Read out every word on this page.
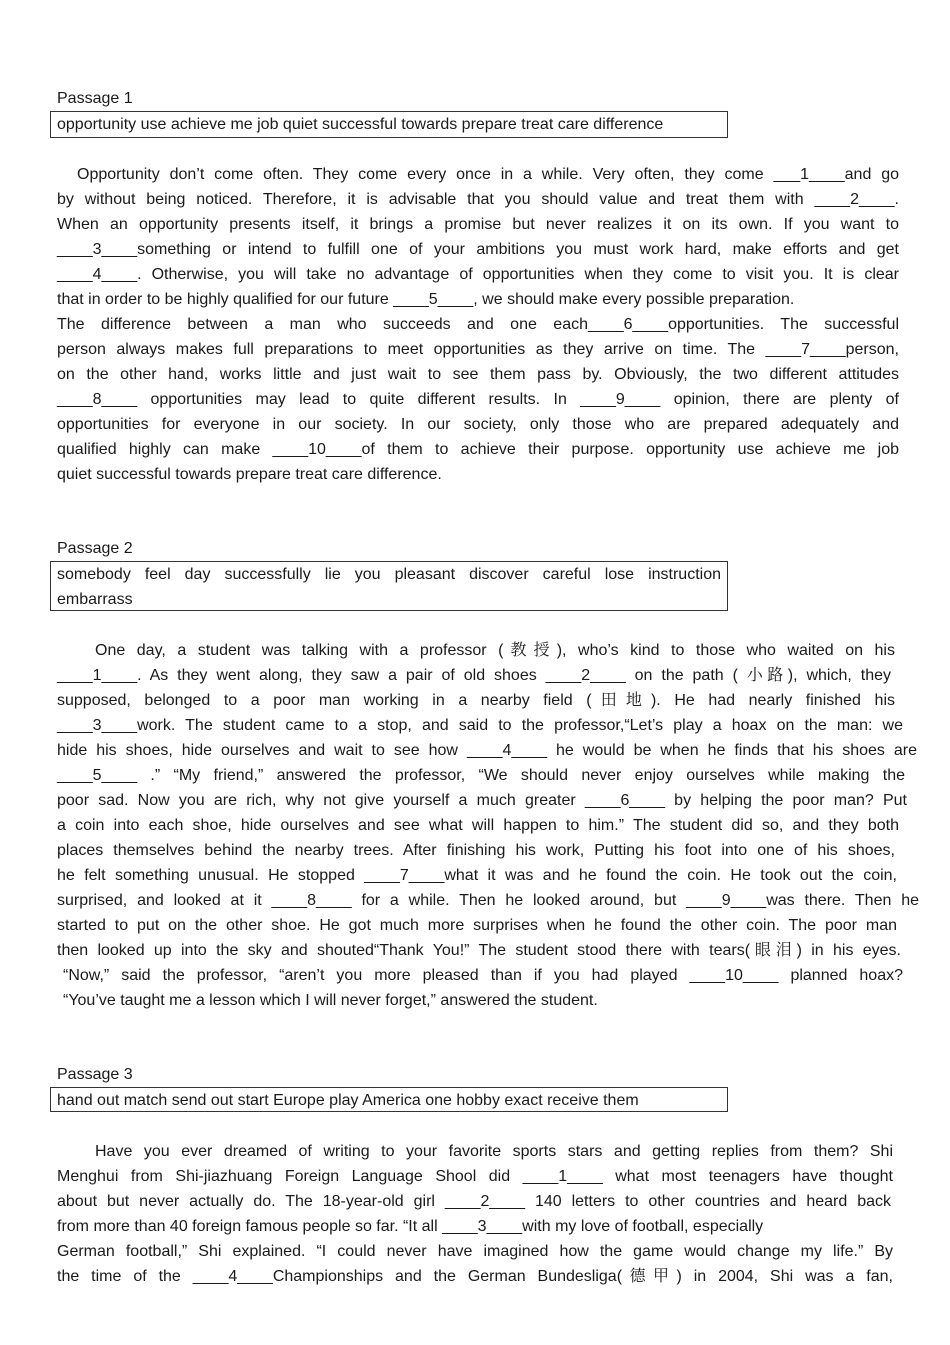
Passage 1
opportunity use achieve me job quiet successful towards prepare treat care difference
Opportunity don’t come often. They come every once in a while. Very often, they come ___1____and go
by without being noticed. Therefore, it is advisable that you should value and treat them with ____2____.
When an opportunity presents itself, it brings a promise but never realizes it on its own. If you want to
____3____something or intend to fulfill one of your ambitions you must work hard, make efforts and get
____4____. Otherwise, you will take no advantage of opportunities when they come to visit you. It is clear
that in order to be highly qualified for our future ____5____, we should make every possible preparation.
The difference between a man who succeeds and one each____6____opportunities. The successful
person always makes full preparations to meet opportunities as they arrive on time. The ____7____person,
on the other hand, works little and just wait to see them pass by. Obviously, the two different attitudes
____8____ opportunities may lead to quite different results. In ____9____ opinion, there are plenty of
opportunities for everyone in our society. In our society, only those who are prepared adequately and
qualified highly can make ____10____of them to achieve their purpose. opportunity use achieve me job
quiet successful towards prepare treat care difference.
Passage 2
somebody feel day successfully lie you pleasant discover careful lose instruction
embarrass
One day, a student was talking with a professor (教授), who’s kind to those who waited on his
____1____. As they went along, they saw a pair of old shoes ____2____ on the path ( 小路), which, they
supposed, belonged to a poor man working in a nearby field (田地). He had nearly finished his
____3____work. The student came to a stop, and said to the professor,“Let’s play a hoax on the man: we
hide his shoes, hide ourselves and wait to see how ____4____ he would be when he finds that his shoes are
____5____ .” “My friend,” answered the professor, “We should never enjoy ourselves while making the
poor sad. Now you are rich, why not give yourself a much greater ____6____ by helping the poor man? Put
a coin into each shoe, hide ourselves and see what will happen to him.” The student did so, and they both
places themselves behind the nearby trees. After finishing his work, Putting his foot into one of his shoes,
he felt something unusual. He stopped ____7____what it was and he found the coin. He took out the coin,
surprised, and looked at it ____8____ for a while. Then he looked around, but ____9____was there. Then he
started to put on the other shoe. He got much more surprises when he found the other coin. The poor man
then looked up into the sky and shouted“Thank You!” The student stood there with tears(眼泪) in his eyes.
“Now,” said the professor, “aren’t you more pleased than if you had played ____10____ planned hoax?
“You’ve taught me a lesson which I will never forget,” answered the student.
Passage 3
hand out match send out start Europe play America one hobby exact receive them
Have you ever dreamed of writing to your favorite sports stars and getting replies from them? Shi
Menghui from Shi-jiazhuang Foreign Language Shool did ____1____ what most teenagers have thought
about but never actually do. The 18-year-old girl ____2____ 140 letters to other countries and heard back
from more than 40 foreign famous people so far. “It all ____3____with my love of football, especially
German football,” Shi explained. “I could never have imagined how the game would change my life.” By
the time of the ____4____Championships and the German Bundesliga(德甲) in 2004, Shi was a fan,
